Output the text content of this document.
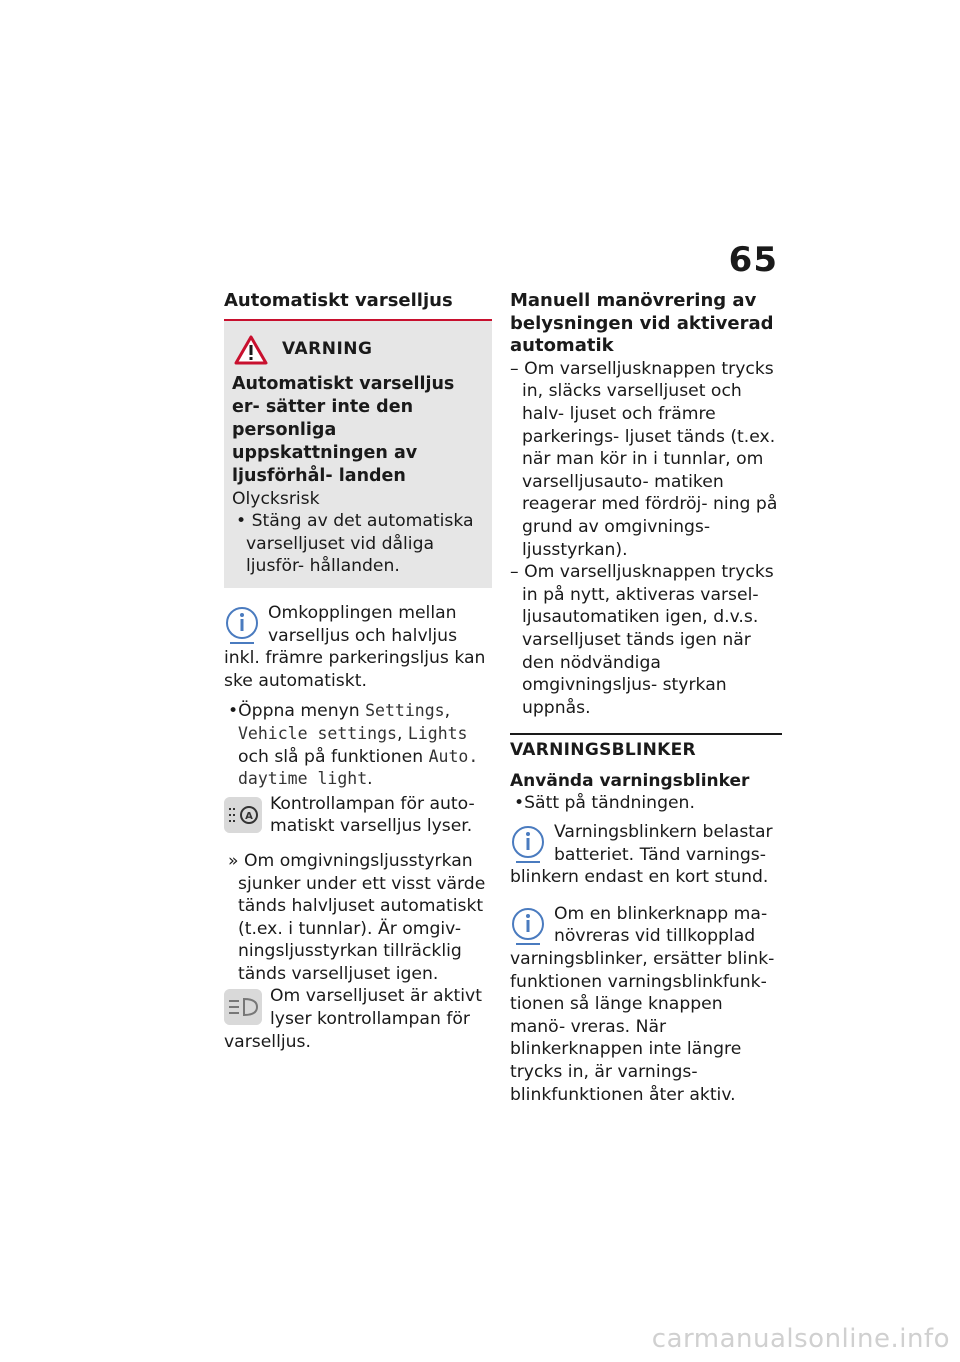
65
Automatiskt varselljus
VARNING
Automatiskt varselljus er- sätter inte den personliga uppskattningen av ljusförhål- landen
Olycksrisk
• Stäng av det automatiska varselljuset vid dåliga ljusför- hållanden.
Omkopplingen mellan varselljus och halvljus inkl. främre parkeringsljus kan ske automatiskt.
•Öppna menyn Settings, Vehicle settings, Lights och slå på funktionen Auto. daytime light.
A
Kontrollampan för auto- matiskt varselljus lyser.
» Om omgivningsljusstyrkan sjunker under ett visst värde tänds halvljuset automatiskt (t.ex. i tunnlar). Är omgiv- ningsljusstyrkan tillräcklig tänds varselljuset igen.
Om varselljuset är aktivt lyser kontrollampan för varselljus.
Manuell manövrering av belysningen vid aktiverad automatik
– Om varselljusknappen trycks in, släcks varselljuset och halv- ljuset och främre parkerings- ljuset tänds (t.ex. när man kör in i tunnlar, om varselljusauto- matiken reagerar med fördröj- ning på grund av omgivnings- ljusstyrkan).
– Om varselljusknappen trycks in på nytt, aktiveras varsel- ljusautomatiken igen, d.v.s. varselljuset tänds igen när den nödvändiga omgivningsljus- styrkan uppnås.
VARNINGSBLINKER
Använda varningsblinker
•Sätt på tändningen.
Varningsblinkern belastar batteriet. Tänd varnings- blinkern endast en kort stund.
Om en blinkerknapp ma- növreras vid tillkopplad varningsblinker, ersätter blink- funktionen varningsblinkfunk- tionen så länge knappen manö- vreras. När blinkerknappen inte längre trycks in, är varnings- blinkfunktionen åter aktiv.
carmanualsonline.info
